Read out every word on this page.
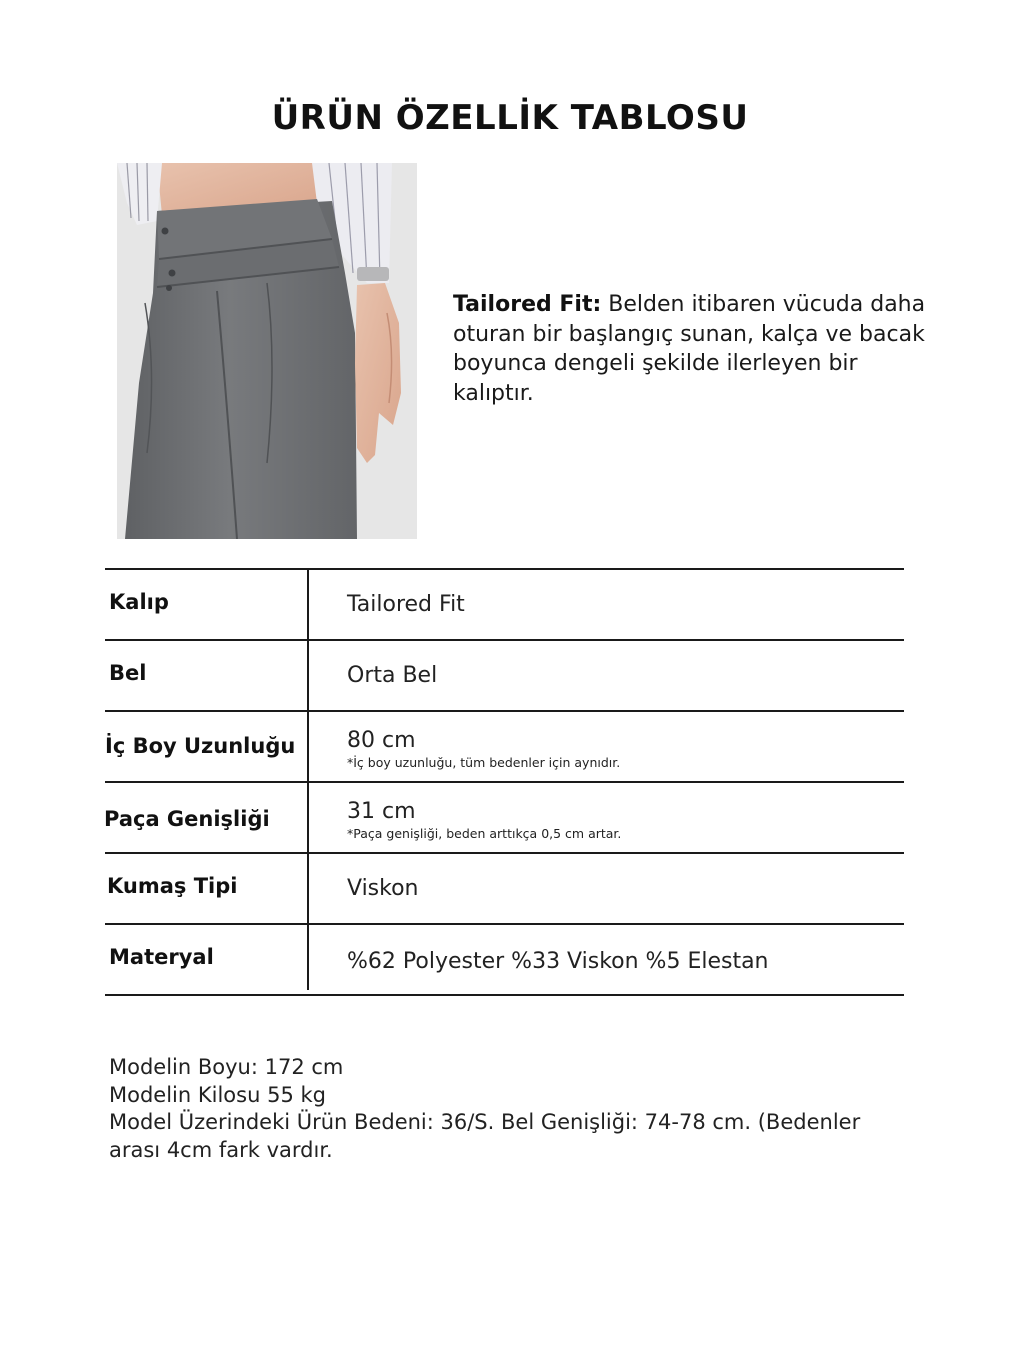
ÜRÜN ÖZELLİK TABLOSU
Tailored Fit: Belden itibaren vücuda daha oturan bir başlangıç sunan, kalça ve bacak boyunca dengeli şekilde ilerleyen bir kalıptır.
Kalıp	Tailored Fit
Bel	Orta Bel
İç Boy Uzunluğu 80 cm
*İç boy uzunluğu, tüm bedenler için aynıdır.
Paça Genişliği	31 cm
*Paça genişliği, beden arttıkça 0,5 cm artar.
Kumaş Tipi	Viskon
Materyal	%62 Polyester %33 Viskon %5 Elestan
Modelin Boyu: 172 cm
Modelin Kilosu 55 kg
Model Üzerindeki Ürün Bedeni: 36/S. Bel Genişliği: 74-78 cm. (Bedenler arası 4cm fark vardır.
